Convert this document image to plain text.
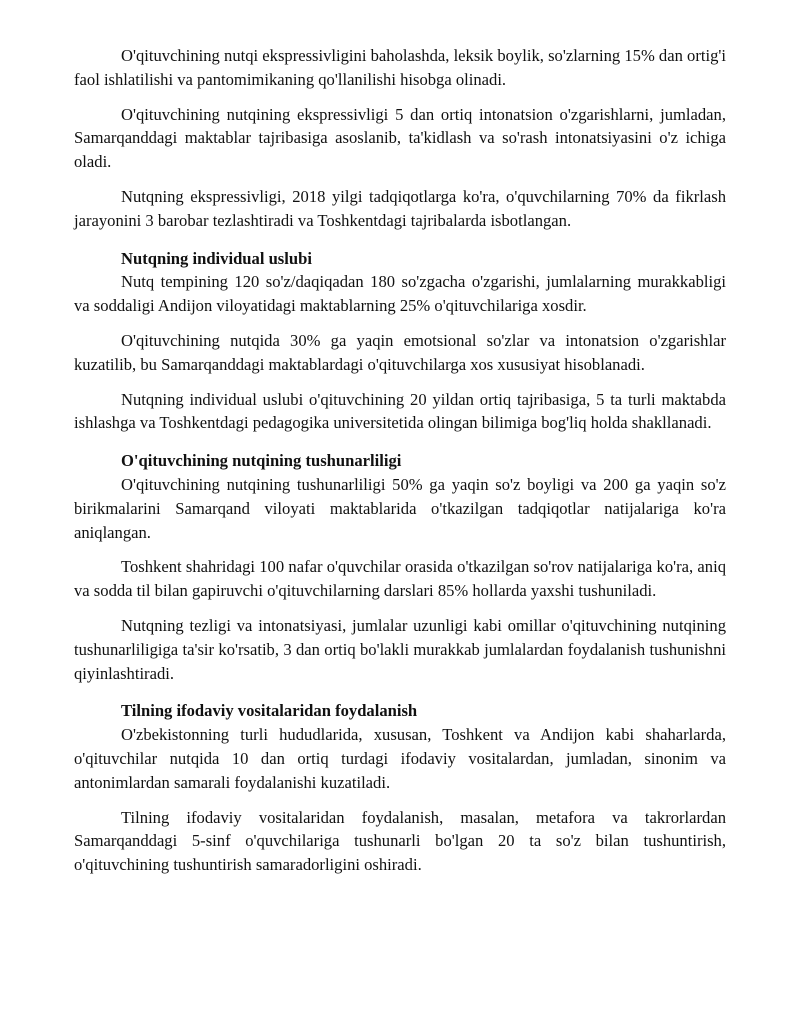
O'qituvchining nutqi ekspressivligini baholashda, leksik boylik, so'zlarning 15% dan ortig'i faol ishlatilishi va pantomimikaning qo'llanilishi hisobga olinadi.

O'qituvchining nutqining ekspressivligi 5 dan ortiq intonatsion o'zgarishlarni, jumladan, Samarqanddagi maktablar tajribasiga asoslanib, ta'kidlash va so'rash intonatsiyasini o'z ichiga oladi.

Nutqning ekspressivligi, 2018 yilgi tadqiqotlarga ko'ra, o'quvchilarning 70% da fikrlash jarayonini 3 barobar tezlashtiradi va Toshkentdagi tajribalarda isbotlangan.

Nutqning individual uslubi

Nutq tempining 120 so'z/daqiqadan 180 so'zgacha o'zgarishi, jumlalarning murakkabligi va soddaligi Andijon viloyatidagi maktablarning 25% o'qituvchilariga xosdir.

O'qituvchining nutqida 30% ga yaqin emotsional so'zlar va intonatsion o'zgarishlar kuzatilib, bu Samarqanddagi maktablardagi o'qituvchilarga xos xususiyat hisoblanadi.

Nutqning individual uslubi o'qituvchining 20 yildan ortiq tajribasiga, 5 ta turli maktabda ishlashga va Toshkentdagi pedagogika universitetida olingan bilimiga bog'liq holda shakllanadi.

O'qituvchining nutqining tushunarliligi

O'qituvchining nutqining tushunarliligi 50% ga yaqin so'z boyligi va 200 ga yaqin so'z birikmalarini Samarqand viloyati maktablarida o'tkazilgan tadqiqotlar natijalariga ko'ra aniqlangan.

Toshkent shahridagi 100 nafar o'quvchilar orasida o'tkazilgan so'rov natijalariga ko'ra, aniq va sodda til bilan gapiruvchi o'qituvchilarning darslari 85% hollarda yaxshi tushuniladi.

Nutqning tezligi va intonatsiyasi, jumlalar uzunligi kabi omillar o'qituvchining nutqining tushunarliligiga ta'sir ko'rsatib, 3 dan ortiq bo'lakli murakkab jumlalardan foydalanish tushunishni qiyinlashtiradi.

Tilning ifodaviy vositalaridan foydalanish

O'zbekistonning turli hududlarida, xususan, Toshkent va Andijon kabi shaharlarda, o'qituvchilar nutqida 10 dan ortiq turdagi ifodaviy vositalardan, jumladan, sinonim va antonimlardan samarali foydalanishi kuzatiladi.

Tilning ifodaviy vositalaridan foydalanish, masalan, metafora va takrorlardan Samarqanddagi 5-sinf o'quvchilariga tushunarli bo'lgan 20 ta so'z bilan tushuntirish, o'qituvchining tushuntirish samaradorligini oshiradi.
